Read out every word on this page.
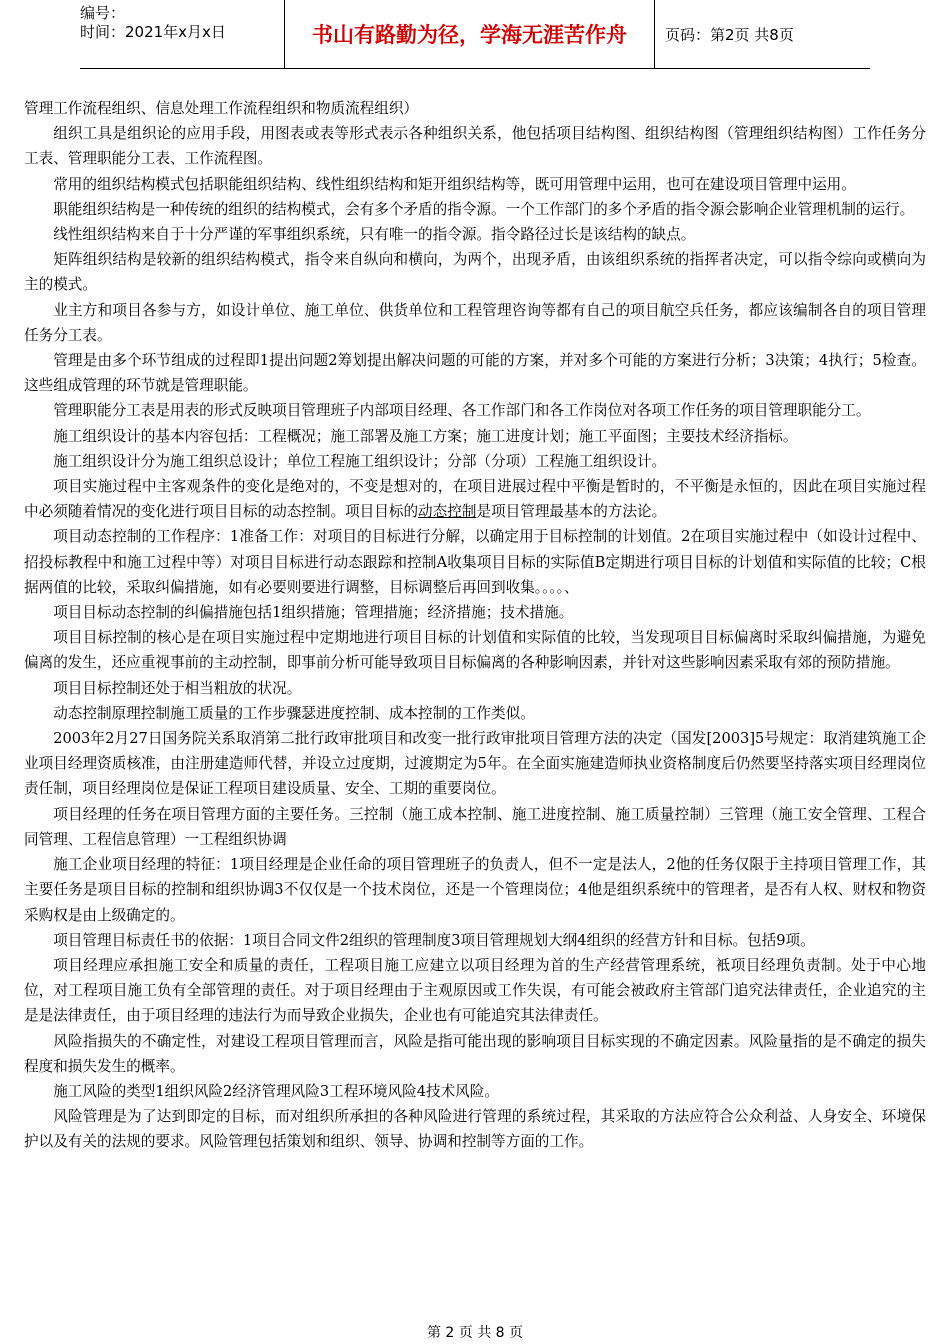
编号：
时间：2021年x月x日	书山有路勤为径，学海无涯苦作舟	页码：第2页 共8页

管理工作流程组织、信息处理工作流程组织和物质流程组织）

组织工具是组织论的应用手段，用图表或表等形式表示各种组织关系，他包括项目结构图、组织结构图（管理组织结构图）工作任务分工表、管理职能分工表、工作流程图。

常用的组织结构模式包括职能组织结构、线性组织结构和矩开组织结构等，既可用管理中运用，也可在建设项目管理中运用。

职能组织结构是一种传统的组织的结构模式，会有多个矛盾的指令源。一个工作部门的多个矛盾的指令源会影响企业管理机制的运行。

线性组织结构来自于十分严谨的军事组织系统，只有唯一的指令源。指令路径过长是该结构的缺点。

矩阵组织结构是较新的组织结构模式，指令来自纵向和横向，为两个，出现矛盾，由该组织系统的指挥者决定，可以指令综向或横向为主的模式。

业主方和项目各参与方，如设计单位、施工单位、供货单位和工程管理咨询等都有自己的项目航空兵任务，都应该编制各自的项目管理任务分工表。

管理是由多个环节组成的过程即1提出问题2筹划提出解决问题的可能的方案，并对多个可能的方案进行分析；3决策；4执行；5检查。这些组成管理的环节就是管理职能。

管理职能分工表是用表的形式反映项目管理班子内部项目经理、各工作部门和各工作岗位对各项工作任务的项目管理职能分工。

施工组织设计的基本内容包括：工程概况；施工部署及施工方案；施工进度计划；施工平面图；主要技术经济指标。

施工组织设计分为施工组织总设计；单位工程施工组织设计；分部（分项）工程施工组织设计。

项目实施过程中主客观条件的变化是绝对的，不变是想对的，在项目进展过程中平衡是暂时的，不平衡是永恒的，因此在项目实施过程中必须随着情况的变化进行项目目标的动态控制。项目目标的动态控制是项目管理最基本的方法论。

项目动态控制的工作程序：1准备工作：对项目的目标进行分解，以确定用于目标控制的计划值。2在项目实施过程中（如设计过程中、招投标教程中和施工过程中等）对项目目标进行动态跟踪和控制A收集项目目标的实际值B定期进行项目目标的计划值和实际值的比较；C根据两值的比较，采取纠偏措施，如有必要则要进行调整，目标调整后再回到收集。。。。、

项目目标动态控制的纠偏措施包括1组织措施；管理措施；经济措施；技术措施。

项目目标控制的核心是在项目实施过程中定期地进行项目目标的计划值和实际值的比较，当发现项目目标偏离时采取纠偏措施，为避免偏离的发生，还应重视事前的主动控制，即事前分析可能导致项目目标偏离的各种影响因素，并针对这些影响因素采取有郊的预防措施。

项目目标控制还处于相当粗放的状况。

动态控制原理控制施工质量的工作步骤瑟进度控制、成本控制的工作类似。

2003年2月27日国务院关系取消第二批行政审批项目和改变一批行政审批项目管理方法的决定（国发[2003]5号规定：取消建筑施工企业项目经理资质核准，由注册建造师代替，并设立过度期，过渡期定为5年。在全面实施建造师执业资格制度后仍然要坚持落实项目经理岗位责任制，项目经理岗位是保证工程项目建设质量、安全、工期的重要岗位。

项目经理的任务在项目管理方面的主要任务。三控制（施工成本控制、施工进度控制、施工质量控制）三管理（施工安全管理、工程合同管理、工程信息管理）一工程组织协调

施工企业项目经理的特征：1项目经理是企业任命的项目管理班子的负责人，但不一定是法人，2他的任务仅限于主持项目管理工作，其主要任务是项目目标的控制和组织协调3不仅仅是一个技术岗位，还是一个管理岗位；4他是组织系统中的管理者，是否有人权、财权和物资采购权是由上级确定的。

项目管理目标责任书的依据：1项目合同文件2组织的管理制度3项目管理规划大纲4组织的经营方针和目标。包括9项。

项目经理应承担施工安全和质量的责任，工程项目施工应建立以项目经理为首的生产经营管理系统，袛项目经理负责制。处于中心地位，对工程项目施工负有全部管理的责任。对于项目经理由于主观原因或工作失误，有可能会被政府主管部门追究法律责任，企业追究的主是是法律责任，由于项目经理的违法行为而导致企业损失，企业也有可能追究其法律责任。

风险指损失的不确定性，对建设工程项目管理而言，风险是指可能出现的影响项目目标实现的不确定因素。风险量指的是不确定的损失程度和损失发生的概率。

施工风险的类型1组织风险2经济管理风险3工程环境风险4技术风险。

风险管理是为了达到即定的目标，而对组织所承担的各种风险进行管理的系统过程，其采取的方法应符合公众利益、人身安全、环境保护以及有关的法规的要求。风险管理包括策划和组织、领导、协调和控制等方面的工作。

第 2 页 共 8 页
